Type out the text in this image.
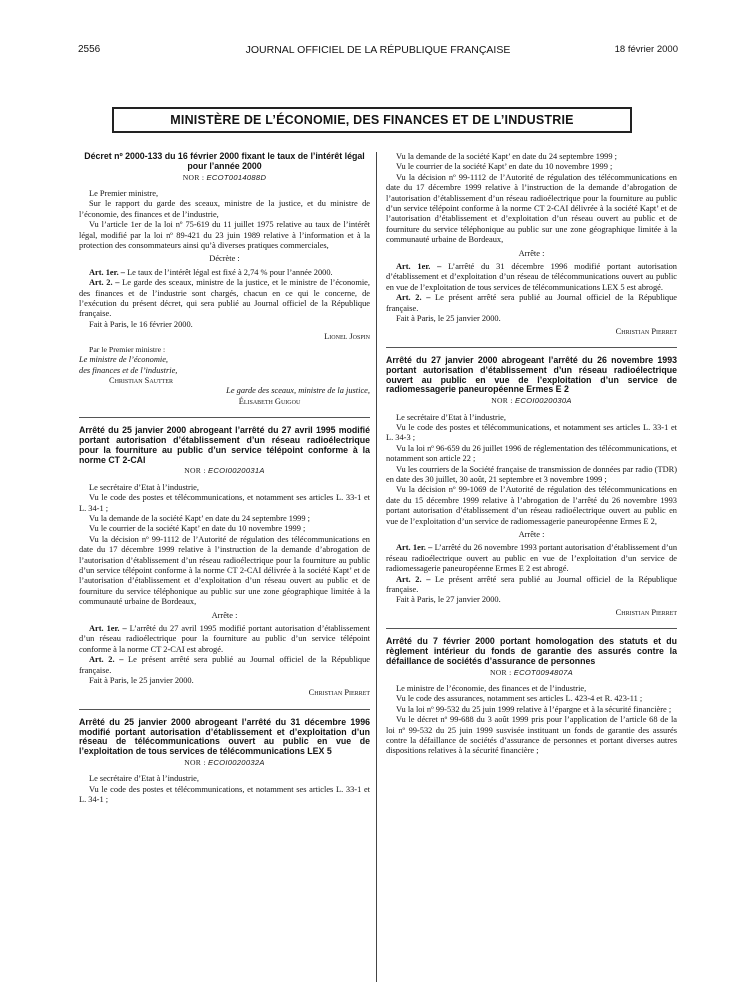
2556	JOURNAL OFFICIEL DE LA RÉPUBLIQUE FRANÇAISE	18 février 2000
MINISTÈRE DE L’ÉCONOMIE, DES FINANCES ET DE L’INDUSTRIE
Décret nº 2000-133 du 16 février 2000 fixant le taux de l’intérêt légal pour l’année 2000
NOR : ECOT0014088D

Le Premier ministre,

Sur le rapport du garde des sceaux, ministre de la justice, et du ministre de l’économie, des finances et de l’industrie,

Vu l’article 1er de la loi nº 75-619 du 11 juillet 1975 relative au taux de l’intérêt légal, modifié par la loi nº 89-421 du 23 juin 1989 relative à l’information et à la protection des consommateurs ainsi qu’à diverses pratiques commerciales,

Décrète :

Art. 1er. – Le taux de l’intérêt légal est fixé à 2,74 % pour l’année 2000.

Art. 2. – Le garde des sceaux, ministre de la justice, et le ministre de l’économie, des finances et de l’industrie sont chargés, chacun en ce qui le concerne, de l’exécution du présent décret, qui sera publié au Journal officiel de la République française.

Fait à Paris, le 16 février 2000.

Lionel Jospin

Par le Premier ministre :

Le ministre de l’économie,
des finances et de l’industrie,
Christian Sautter
Le garde des sceaux, ministre de la justice,
Élisabeth Guigou
Arrêté du 25 janvier 2000 abrogeant l’arrêté du 27 avril 1995 modifié portant autorisation d’établissement d’un réseau radioélectrique pour la fourniture au public d’un service télépoint conforme à la norme CT 2-CAI
NOR : ECOI0020031A

Le secrétaire d’Etat à l’industrie,

Vu le code des postes et télécommunications, et notamment ses articles L. 33-1 et L. 34-1 ;

Vu la demande de la société Kapt’ en date du 24 septembre 1999 ;

Vu le courrier de la société Kapt’ en date du 10 novembre 1999 ;

Vu la décision nº 99-1112 de l’Autorité de régulation des télécommunications en date du 17 décembre 1999 relative à l’instruction de la demande d’abrogation de l’autorisation d’établissement d’un réseau radioélectrique pour la fourniture au public d’un service télépoint conforme à la norme CT 2-CAI délivrée à la société Kapt’ et de l’autorisation d’établissement et d’exploitation d’un réseau ouvert au public et de fourniture du service téléphonique au public sur une zone géographique limitée à la communauté urbaine de Bordeaux,

Arrête :

Art. 1er. – L’arrêté du 27 avril 1995 modifié portant autorisation d’établissement d’un réseau radioélectrique pour la fourniture au public d’un service télépoint conforme à la norme CT 2-CAI est abrogé.

Art. 2. – Le présent arrêté sera publié au Journal officiel de la République française.

Fait à Paris, le 25 janvier 2000.

Christian Pierret
Arrêté du 25 janvier 2000 abrogeant l’arrêté du 31 décembre 1996 modifié portant autorisation d’établissement et d’exploitation d’un réseau de télécommunications ouvert au public en vue de l’exploitation de tous services de télécommunications LEX 5
NOR : ECOI0020032A

Le secrétaire d’Etat à l’industrie,

Vu le code des postes et télécommunications, et notamment ses articles L. 33-1 et L. 34-1 ;

Vu la demande de la société Kapt’ en date du 24 septembre 1999 ;

Vu le courrier de la société Kapt’ en date du 10 novembre 1999 ;

Vu la décision nº 99-1112 de l’Autorité de régulation des télécommunications en date du 17 décembre 1999 relative à l’instruction de la demande d’abrogation de l’autorisation d’établissement d’un réseau radioélectrique pour la fourniture au public d’un service télépoint conforme à la norme CT 2-CAI délivrée à la société Kapt’ et de l’autorisation d’établissement et d’exploitation d’un réseau ouvert au public et de fourniture du service téléphonique au public sur une zone géographique limitée à la communauté urbaine de Bordeaux,

Arrête :

Art. 1er. – L’arrêté du 31 décembre 1996 modifié portant autorisation d’établissement et d’exploitation d’un réseau de télécommunications ouvert au public en vue de l’exploitation de tous services de télécommunications LEX 5 est abrogé.

Art. 2. – Le présent arrêté sera publié au Journal officiel de la République française.

Fait à Paris, le 25 janvier 2000.

Christian Pierret
Arrêté du 27 janvier 2000 abrogeant l’arrêté du 26 novembre 1993 portant autorisation d’établissement d’un réseau radioélectrique ouvert au public en vue de l’exploitation d’un service de radiomessagerie paneuropéenne Ermes E 2
NOR : ECOI0020030A

Le secrétaire d’Etat à l’industrie,

Vu le code des postes et télécommunications, et notamment ses articles L. 33-1 et L. 34-3 ;

Vu la loi nº 96-659 du 26 juillet 1996 de réglementation des télécommunications, et notamment son article 22 ;

Vu les courriers de la Société française de transmission de données par radio (TDR) en date des 30 juillet, 30 août, 21 septembre et 3 novembre 1999 ;

Vu la décision nº 99-1069 de l’Autorité de régulation des télécommunications en date du 15 décembre 1999 relative à l’abrogation de l’arrêté du 26 novembre 1993 portant autorisation d’établissement d’un réseau radioélectrique ouvert au public en vue de l’exploitation d’un service de radiomessagerie paneuropéenne Ermes E 2,

Arrête :

Art. 1er. – L’arrêté du 26 novembre 1993 portant autorisation d’établissement d’un réseau radioélectrique ouvert au public en vue de l’exploitation d’un service de radiomessagerie paneuropéenne Ermes E 2 est abrogé.

Art. 2. – Le présent arrêté sera publié au Journal officiel de la République française.

Fait à Paris, le 27 janvier 2000.

Christian Pierret
Arrêté du 7 février 2000 portant homologation des statuts et du règlement intérieur du fonds de garantie des assurés contre la défaillance de sociétés d’assurance de personnes
NOR : ECOT0094807A

Le ministre de l’économie, des finances et de l’industrie,

Vu le code des assurances, notamment ses articles L. 423-4 et R. 423-11 ;

Vu la loi nº 99-532 du 25 juin 1999 relative à l’épargne et à la sécurité financière ;

Vu le décret nº 99-688 du 3 août 1999 pris pour l’application de l’article 68 de la loi nº 99-532 du 25 juin 1999 susvisée instituant un fonds de garantie des assurés contre la défaillance de sociétés d’assurance de personnes et portant diverses autres dispositions relatives à la sécurité financière ;
